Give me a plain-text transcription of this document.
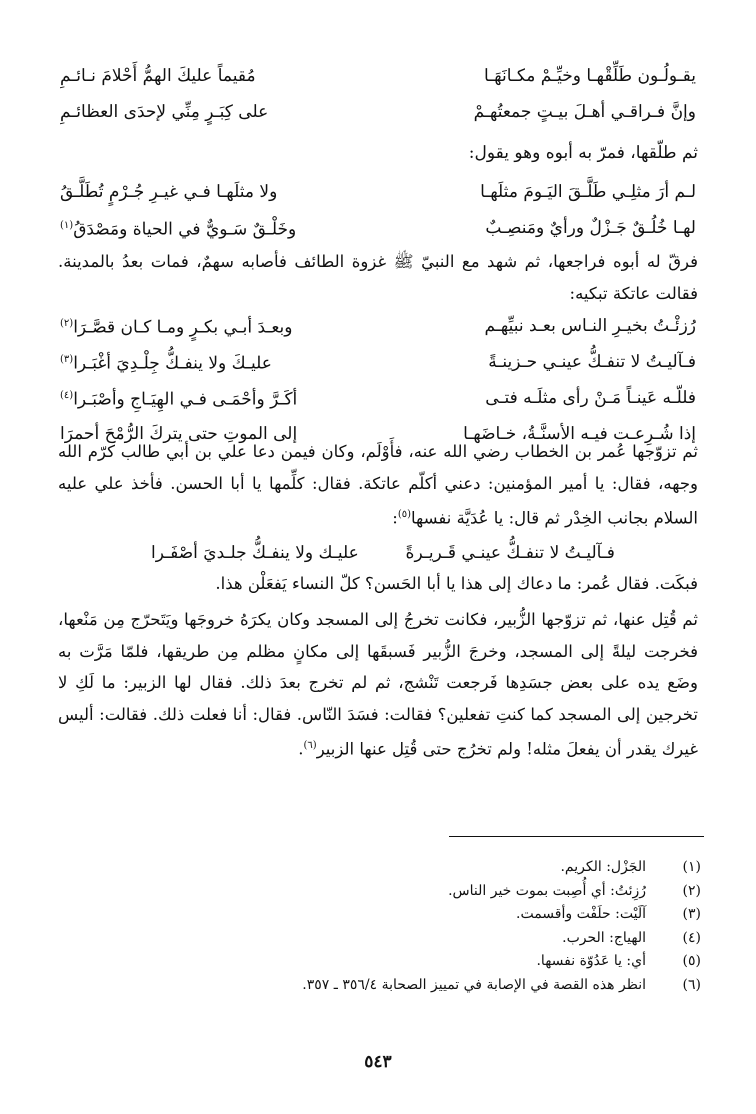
يقـولُـون طَلِّقْهـا وخيِّـمْ مكـانَهَـا
مُقيماً عليكَ الهمُّ أَحْلامَ نـائـمِ
وإنَّ فـراقـي أهـلَ بيـتٍ جمعتُهـمْ
على كِبَـرٍ مِنِّي لإحدَى العظائـمِ

ثم طلّقها، فمرّ به أبوه وهو يقول:

لـم أرَ مثلِـي طَلَّـقَ اليَـومَ مثلَهـا
ولا مثلَهـا فـي غيـرِ جُـرْمٍ تُطَلَّـقُ
لهـا خُلُـقٌ جَـزْلٌ ورأيٌ ومَنصِـبٌ
وخَلْـقٌ سَـويٌّ في الحياة ومَصْدَقُ$^{(١)}$

فرقّ له أبوه فراجعها، ثم شهد مع النبيّ ﷺ غزوة الطائف فأصابه سهمٌ، فمات بعدُ بالمدينة. فقالت عاتكة تبكيه:

رُزئْـتُ بخيـرِ النـاس بعـد نبيِّهـم
وبعـدَ أبـي بكـرٍ ومـا كـان قصَّـرَا$^{(٢)}$
فـآليـتُ لا تنفـكُّ عينـي حـزينـةً
عليـكَ ولا ينفـكُّ جِلْـدِيَ أغْبَـرا$^{(٣)}$
فللّـه عَينـاً مَـنْ رأى مثلَـه فتـى
أكَـرَّ وأحْمَـى فـي الهِيَـاجِ وأصْبَـرا$^{(٤)}$
إذا شُـرِعـت فيـه الأسنَّـةُ، خـاضَهـا
إلى الموتِ حتى يتركَ الرُّمْحَ أحمرَا

ثم تزوّجها عُمر بن الخطاب رضي الله عنه، فأَوْلَم، وكان فيمن دعا علي بن أبي طالب كرّم الله وجهه، فقال: يا أمير المؤمنين: دعني أكلّم عاتكة. فقال: كلِّمها يا أبا الحسن. فأخذ علي عليه السلام بجانب الخِدْر ثم قال: يا عُدَيَّة نفسها$^{(٥)}$:

فـآليـتُ لا تنفـكُّ عينـي قَـريـرةً  عليـك ولا ينفـكُّ جلـديَ أصْفَـرا

فبكَت. فقال عُمر: ما دعاك إلى هذا يا أبا الحَسن؟ كلّ النساء يَفعَلْن هذا.

ثم قُتِل عنها، ثم تزوّجها الزُّبير، فكانت تخرجُ إلى المسجد وكان يكرَهُ خروجَها ويَتَحرّج مِن مَنْعها، فخرجت ليلةً إلى المسجد، وخرجَ الزُّبير فَسبقَها إلى مكانٍ مظلم مِن طريقها، فلمّا مَرَّت به وضَع يده على بعض جسَدِها فَرجعت تَنْشج، ثم لم تخرج بعدَ ذلك. فقال لها الزبير: ما لَكِ لا تخرجين إلى المسجد كما كنتِ تفعلين؟ فقالت: فسَدَ النّاس. فقال: أنا فعلت ذلك. فقالت: أليس غيرك يقدر أن يفعلَ مثله! ولم تخرُج حتى قُتِل عنها الزبير$^{(٦)}$.

(١)
الجَزْل: الكريم.
(٢)
رُزِئتُ: أي أُصِبت بموت خير الناس.
(٣)
آلَيْت: حلَفْت وأقسمت.
(٤)
الهياج: الحرب.
(٥)
أي: يا عَدُوّة نفسها.
(٦)
انظر هذه القصة في الإصابة في تمييز الصحابة ٣٥٦/٤ ـ ٣٥٧.
٥٤٣
